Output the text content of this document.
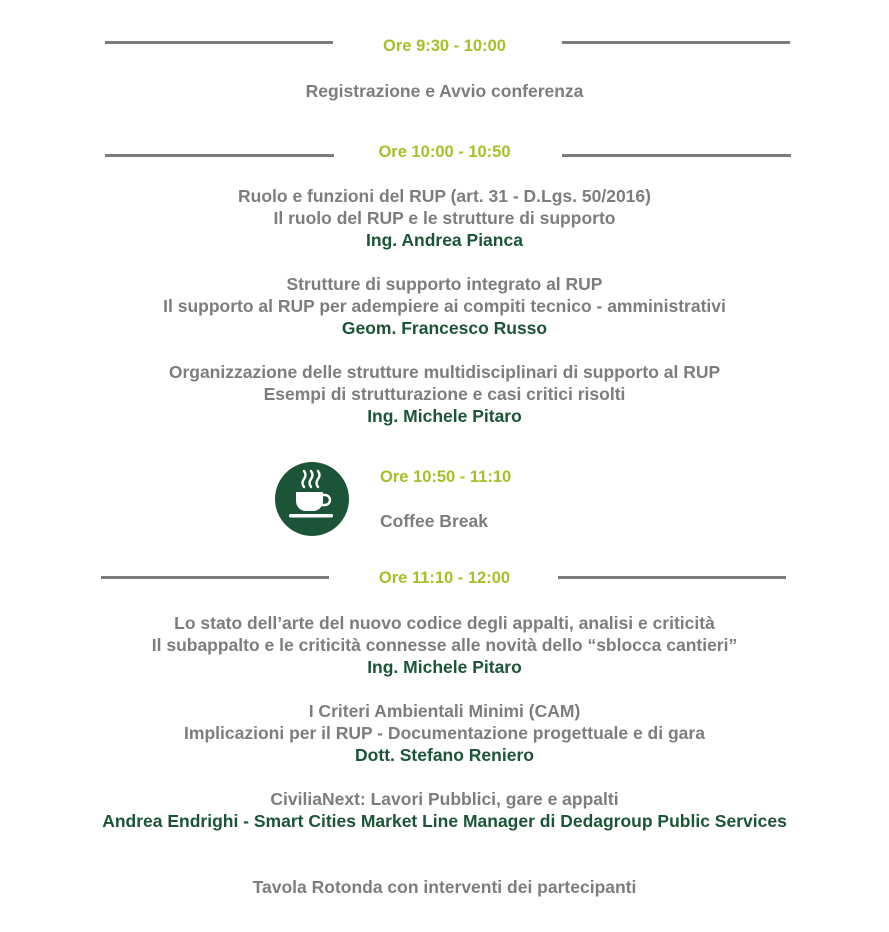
Ore 9:30 - 10:00
Registrazione e Avvio conferenza
Ore 10:00 - 10:50
Ruolo e funzioni del RUP (art. 31 - D.Lgs. 50/2016)
Il ruolo del RUP e le strutture di supporto
Ing. Andrea Pianca
Strutture di supporto integrato al RUP
Il supporto al RUP per adempiere ai compiti tecnico - amministrativi
Geom. Francesco Russo
Organizzazione delle strutture multidisciplinari di supporto al RUP
Esempi di strutturazione e casi critici risolti
Ing. Michele Pitaro
Ore 10:50 - 11:10
Coffee Break
Ore 11:10 - 12:00
Lo stato dell’arte del nuovo codice degli appalti, analisi e criticità
Il subappalto e le criticità connesse alle novità dello “sblocca cantieri”
Ing. Michele Pitaro
I Criteri Ambientali Minimi (CAM)
Implicazioni per il RUP - Documentazione progettuale e di gara
Dott. Stefano Reniero
CiviliaNext: Lavori Pubblici, gare e appalti
Andrea Endrighi - Smart Cities Market Line Manager di Dedagroup Public Services
Tavola Rotonda con interventi dei partecipanti
